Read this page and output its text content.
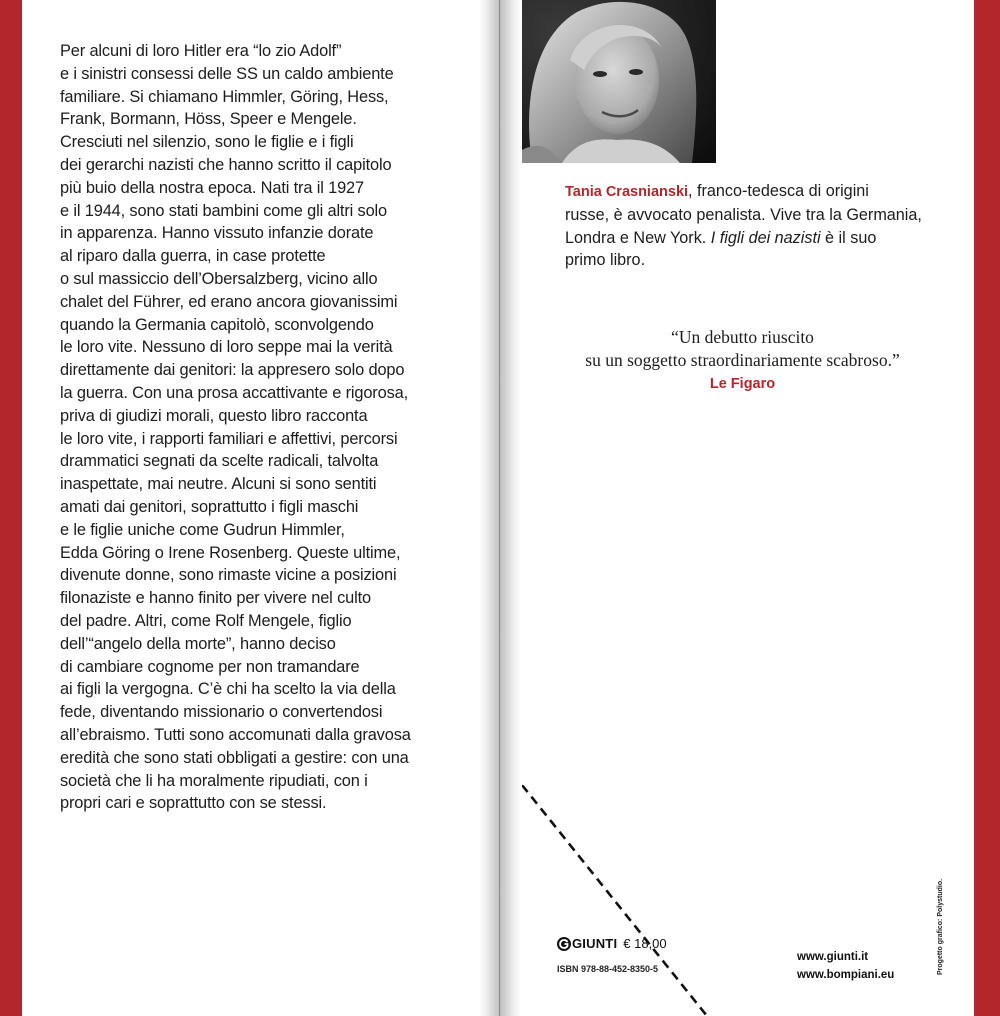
Per alcuni di loro Hitler era “lo zio Adolf”
e i sinistri consessi delle SS un caldo ambiente
familiare. Si chiamano Himmler, Göring, Hess,
Frank, Bormann, Höss, Speer e Mengele.
Cresciuti nel silenzio, sono le figlie e i figli
dei gerarchi nazisti che hanno scritto il capitolo
più buio della nostra epoca. Nati tra il 1927
e il 1944, sono stati bambini come gli altri solo
in apparenza. Hanno vissuto infanzie dorate
al riparo dalla guerra, in case protette
o sul massiccio dell’Obersalzberg, vicino allo
chalet del Führer, ed erano ancora giovanissimi
quando la Germania capitolò, sconvolgendo
le loro vite. Nessuno di loro seppe mai la verità
direttamente dai genitori: la appresero solo dopo
la guerra. Con una prosa accattivante e rigorosa,
priva di giudizi morali, questo libro racconta
le loro vite, i rapporti familiari e affettivi, percorsi
drammatici segnati da scelte radicali, talvolta
inaspettate, mai neutre. Alcuni si sono sentiti
amati dai genitori, soprattutto i figli maschi
e le figlie uniche come Gudrun Himmler,
Edda Göring o Irene Rosenberg. Queste ultime,
divenute donne, sono rimaste vicine a posizioni
filonaziste e hanno finito per vivere nel culto
del padre. Altri, come Rolf Mengele, figlio
dell’“angelo della morte”, hanno deciso
di cambiare cognome per non tramandare
ai figli la vergogna. C’è chi ha scelto la via della
fede, diventando missionario o convertendosi
all’ebraismo. Tutti sono accomunati dalla gravosa
eredità che sono stati obbligati a gestire: con una
società che li ha moralmente ripudiati, con i
propri cari e soprattutto con se stessi.

Tania Crasnianski, franco-tedesca di origini
russe, è avvocato penalista. Vive tra la Germania,
Londra e New York. I figli dei nazisti è il suo
primo libro.
“Un debutto riuscito
su un soggetto straordinariamente scabroso.”
Le Figaro
GIUNTI € 18,00
ISBN 978-88-452-8350-5
www.giunti.it
www.bompiani.eu	Progetto grafico: Polystudio.
